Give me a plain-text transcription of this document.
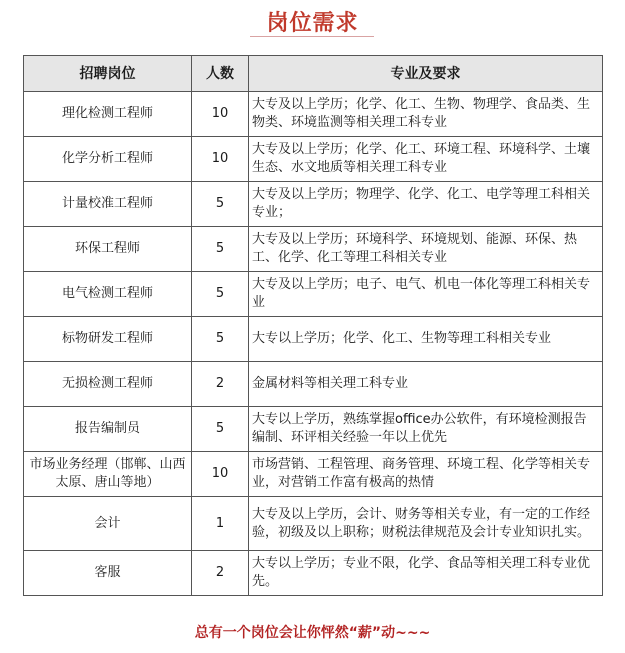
岗位需求
招聘岗位	人数	专业及要求
理化检测工程师	10	大专及以上学历；化学、化工、生物、物理学、食品类、生物类、环境监测等相关理工科专业
化学分析工程师	10	大专及以上学历；化学、化工、环境工程、环境科学、土壤生态、水文地质等相关理工科专业
计量校准工程师	5	大专及以上学历；物理学、化学、化工、电学等理工科相关专业；
环保工程师	5	大专及以上学历；环境科学、环境规划、能源、环保、热工、化学、化工等理工科相关专业
电气检测工程师	5	大专及以上学历；电子、电气、机电一体化等理工科相关专业
标物研发工程师	5	大专以上学历；化学、化工、生物等理工科相关专业
无损检测工程师	2	金属材料等相关理工科专业
报告编制员	5	大专以上学历，熟练掌握office办公软件，有环境检测报告编制、环评相关经验一年以上优先
市场业务经理（邯郸、山西太原、唐山等地）	10	市场营销、工程管理、商务管理、环境工程、化学等相关专业，对营销工作富有极高的热情
会计	1	大专及以上学历，会计、财务等相关专业，有一定的工作经验，初级及以上职称；财税法律规范及会计专业知识扎实。
客服	2	大专以上学历；专业不限，化学、食品等相关理工科专业优先。
总有一个岗位会让你怦然“薪”动~~~
